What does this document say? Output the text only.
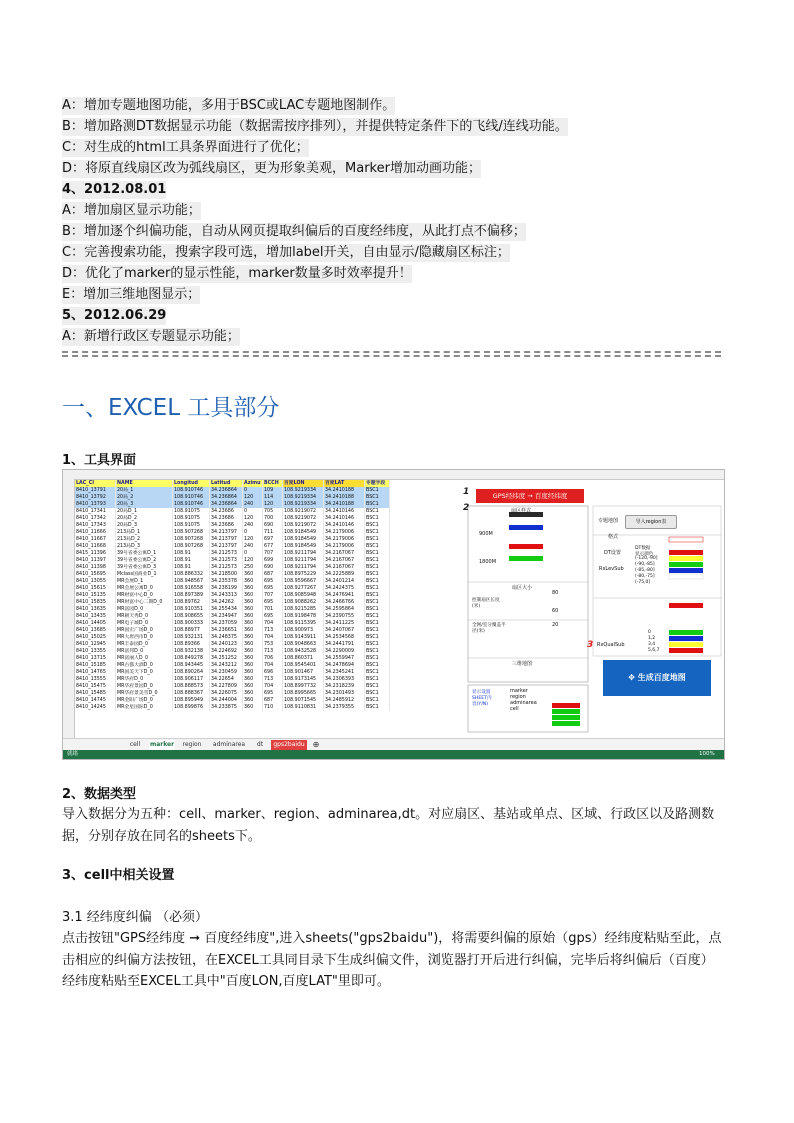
A：增加专题地图功能，多用于BSC或LAC专题地图制作。
B：增加路测DT数据显示功能（数据需按序排列），并提供特定条件下的飞线/连线功能。
C：对生成的html工具条界面进行了优化；
D：将原直线扇区改为弧线扇区，更为形象美观，Marker增加动画功能；
4、2012.08.01
A：增加扇区显示功能；
B：增加逐个纠偏功能，自动从网页提取纠偏后的百度经纬度，从此打点不偏移；
C：完善搜索功能，搜索字段可选，增加label开关，自由显示/隐藏扇区标注；
D：优化了marker的显示性能，marker数量多时效率提升！
E：增加三维地图显示；
5、2012.06.29
A：新增行政区专题显示功能；
一、EXCEL 工具部分
1、工具界面
LAC_CI	NAME	Longitud	Latitud	Azimu	BCCH	百度LON	百度LAT	专题字段
8410_13791	20局_1	108.910746	34.236864	0	109	108.9219334	34.2410188	BSC1
8410_13792	20局_2	108.910746	34.236864	120	114	108.9219334	34.2410188	BSC1
8410_13793	20局_3	108.910746	34.236864	240	120	108.9219334	34.2410188	BSC1
8410_17341	20局D_1	108.91075	34.23686	0	705	108.9219072	34.2410146	BSC1
8410_17342	20局D_2	108.91075	34.23686	120	700	108.9219072	34.2410146	BSC1
8410_17343	20局D_3	108.91075	34.23686	240	690	108.9219072	34.2410146	BSC1
8410_11666	213局D_1	108.907268	34.213797	0	711	108.9184549	34.2179006	BSC1
8410_11667	213局D_2	108.907268	34.213797	120	697	108.9184549	34.2179006	BSC1
8410_11668	213局D_3	108.907268	34.213797	240	677	108.9184549	34.2179006	BSC1
8415_11396	39号省委公寓D_1	108.91	34.212573	0	707	108.9211794	34.2167067	BSC1
8410_11397	39号省委公寓D_2	108.91	34.212573	120	699	108.9211794	34.2167067	BSC1
8410_11398	39号省委公寓D_3	108.91	34.212573	250	690	108.9211794	34.2167067	BSC1
8410_15695	Mclass国商业D_1	108.886332	34.218500	360	687	108.8975229	34.2225889	BSC1
8410_13055	MR会展D_1	108.948567	34.235378	360	695	108.9596667	34.2401214	BSC1
8410_15615	MR会展公寓D_0	108.916558	34.238199	360	695	108.9277267	34.2424375	BSC1
8410_15135	MR财富中心D_0	108.897389	34.243313	360	707	108.9085948	34.2476941	BSC1
8410_15835	MR财富中心二期D_0	108.89762	34.24262	360	695	108.9088262	34.2466766	BSC1
8410_13635	MR富园D_0	108.910351	34.255434	360	701	108.9215285	34.2595864	BSC1
8410_13435	MR朝天秀D_0	108.908655	34.234947	360	695	108.9198478	34.2390755	BSC1
8410_14405	MR电子城D_0	108.900333	34.237059	360	704	108.9115395	34.2411225	BSC1
8410_13685	MR国宏广场D_0	108.88977	34.236651	360	713	108.900973	34.2407067	BSC1
8410_15025	MR大唐西市D_0	108.932131	34.248375	360	704	108.9143911	34.2534568	BSC1
8410_12945	MR丰泰园D_0	108.89366	34.240123	360	753	108.9048663	34.2441791	BSC1
8410_13355	MR富邦D_0	108.932138	34.224692	360	713	108.9432528	34.2290009	BSC1
8410_13715	MR富丽人D_0	108.849278	34.251252	360	706	108.860371	34.2559947	BSC1
8410_15185	MR古都大酒D_0	108.943445	34.243212	360	704	108.9545401	34.2478694	BSC1
8410_14765	MR国美天下D_0	108.890264	34.230459	360	696	108.901467	34.2345241	BSC1
8410_13555	MR华府D_0	108.906117	34.22654	360	713	108.9173145	34.2306393	BSC1
8410_15475	MR华府景园D_0	108.888573	34.227809	360	704	108.8997732	34.2318239	BSC1
8410_15485	MR华府景美雪D_0	108.888367	34.226075	360	695	108.8995665	34.2301493	BSC1
8410_14745	MR金阳广场D_0	108.895949	34.244004	360	687	108.9071545	34.2485912	BSC1
8410_14245	MR金星国际D_0	108.899876	34.233875	360	710	108.9110831	34.2379355	BSC1
GPS经纬度 → 百度经纬度
1
2
3
扇区样式
900M
1800M
扇区大小
控制扇区长度(米)
80
60
20
全网/室分覆盖半径(米)
三维地图
显示设置SHEET内容(Y/N)
marker
region
adminarea
cell
专题地图	导入region表
格式
DT设置
DT数据
显示颜色
RxLevSub
RxQualSub
(-120,-90]
(-90,-85]
(-85,-80]
(-80,-75]
(-75,0]
0
1,2
3,4
5,6,7
✥ 生成百度地图
cell	marker	region	adminarea	dt	gps2baidu ⊕
就绪	100%
2、数据类型
导入数据分为五种：cell、marker、region、adminarea,dt。对应扇区、基站或单点、区域、行政区以及路测数据，分别存放在同名的sheets下。
3、cell中相关设置
3.1 经纬度纠偏 （必须）
点击按钮"GPS经纬度 ➞ 百度经纬度",进入sheets("gps2baidu")，将需要纠偏的原始（gps）经纬度粘贴至此，点击相应的纠偏方法按钮，在EXCEL工具同目录下生成纠偏文件，浏览器打开后进行纠偏，完毕后将纠偏后（百度）经纬度粘贴至EXCEL工具中"百度LON,百度LAT"里即可。
